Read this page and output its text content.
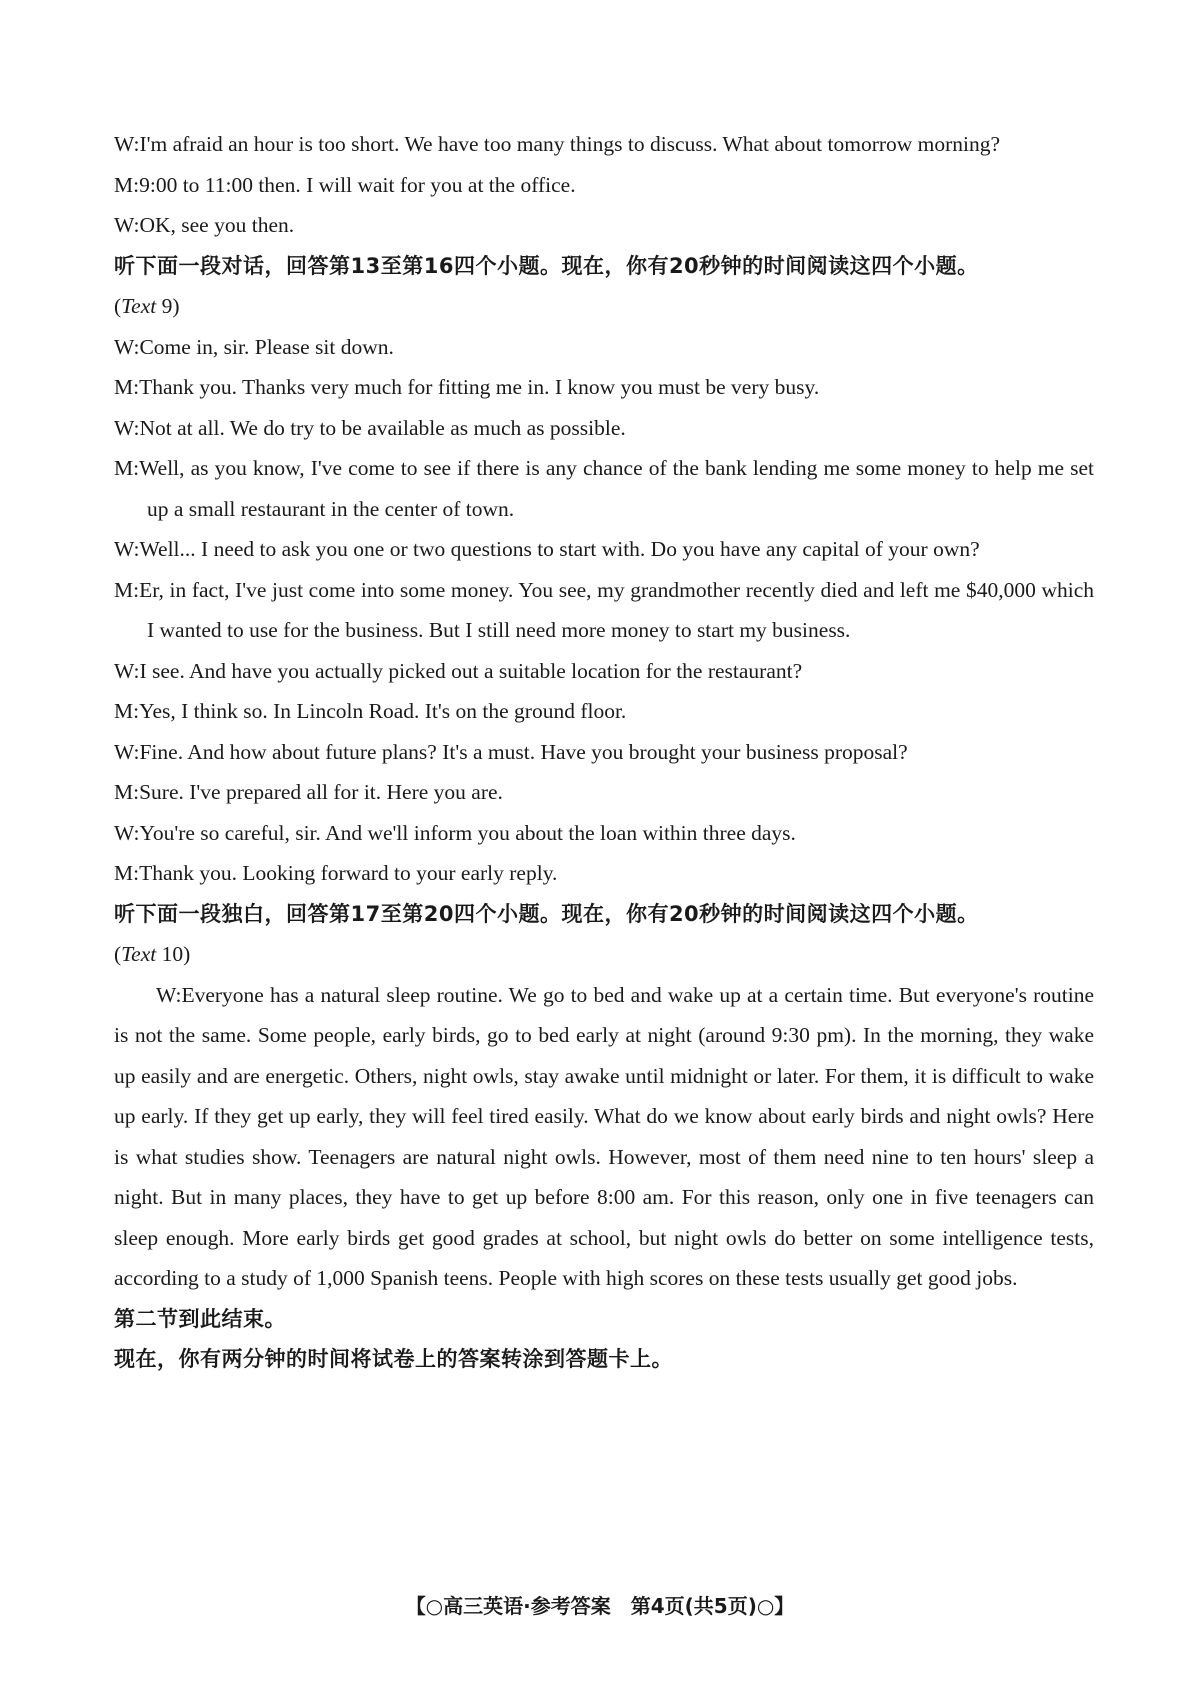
W:I'm afraid an hour is too short. We have too many things to discuss. What about tomorrow morning?

M:9:00 to 11:00 then. I will wait for you at the office.

W:OK, see you then.

听下面一段对话，回答第13至第16四个小题。现在，你有20秒钟的时间阅读这四个小题。

(Text 9)

W:Come in, sir. Please sit down.

M:Thank you. Thanks very much for fitting me in. I know you must be very busy.

W:Not at all. We do try to be available as much as possible.

M:Well, as you know, I've come to see if there is any chance of the bank lending me some money to help me set up a small restaurant in the center of town.

W:Well... I need to ask you one or two questions to start with. Do you have any capital of your own?

M:Er, in fact, I've just come into some money. You see, my grandmother recently died and left me $40,000 which I wanted to use for the business. But I still need more money to start my business.

W:I see. And have you actually picked out a suitable location for the restaurant?

M:Yes, I think so. In Lincoln Road. It's on the ground floor.

W:Fine. And how about future plans? It's a must. Have you brought your business proposal?

M:Sure. I've prepared all for it. Here you are.

W:You're so careful, sir. And we'll inform you about the loan within three days.

M:Thank you. Looking forward to your early reply.

听下面一段独白，回答第17至第20四个小题。现在，你有20秒钟的时间阅读这四个小题。

(Text 10)

W:Everyone has a natural sleep routine. We go to bed and wake up at a certain time. But everyone's routine is not the same. Some people, early birds, go to bed early at night (around 9:30 pm). In the morning, they wake up easily and are energetic. Others, night owls, stay awake until midnight or later. For them, it is difficult to wake up early. If they get up early, they will feel tired easily. What do we know about early birds and night owls? Here is what studies show. Teenagers are natural night owls. However, most of them need nine to ten hours' sleep a night. But in many places, they have to get up before 8:00 am. For this reason, only one in five teenagers can sleep enough. More early birds get good grades at school, but night owls do better on some intelligence tests, according to a study of 1,000 Spanish teens. People with high scores on these tests usually get good jobs.

第二节到此结束。

现在，你有两分钟的时间将试卷上的答案转涂到答题卡上。

【○高三英语·参考答案　第4页(共5页)○】
